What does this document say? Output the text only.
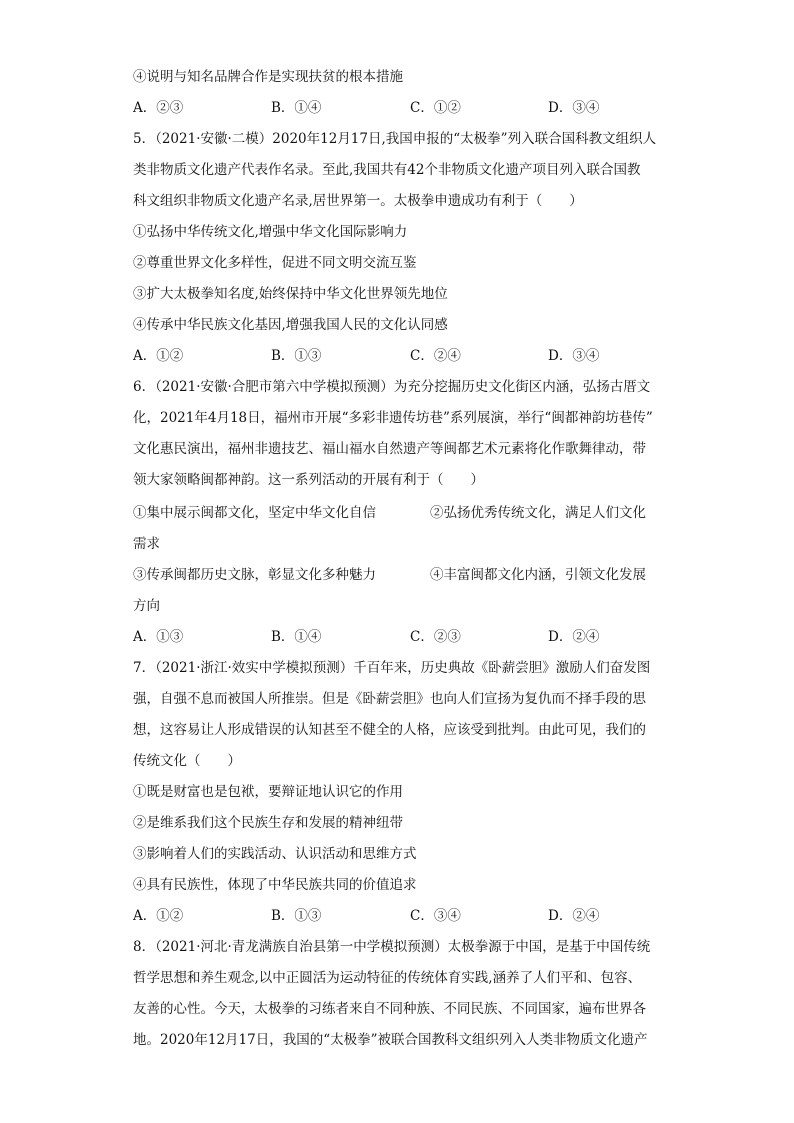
④说明与知名品牌合作是实现扶贫的根本措施
A．②③	B．①④	C．①②	D．③④
5．（2021·安徽·二模）2020年12月17日,我国申报的“太极拳”列入联合国科教文组织人
类非物质文化遗产代表作名录。至此,我国共有42个非物质文化遗产项目列入联合国教
科文组织非物质文化遗产名录,居世界第一。太极拳申遗成功有利于（　　）
①弘扬中华传统文化,增强中华文化国际影响力
②尊重世界文化多样性，促进不同文明交流互鉴
③扩大太极拳知名度,始终保持中华文化世界领先地位
④传承中华民族文化基因,增强我国人民的文化认同感
A．①②	B．①③	C．②④	D．③④
6．（2021·安徽·合肥市第六中学模拟预测）为充分挖掘历史文化街区内涵，弘扬古厝文
化，2021年4月18日，福州市开展“多彩非遗传坊巷”系列展演，举行“闽都神韵坊巷传”
文化惠民演出，福州非遗技艺、福山福水自然遗产等闽都艺术元素将化作歌舞律动，带
领大家领略闽都神韵。这一系列活动的开展有利于（　　）
①集中展示闽都文化，坚定中华文化自信	②弘扬优秀传统文化，满足人们文化
需求
③传承闽都历史文脉，彰显文化多种魅力	④丰富闽都文化内涵，引领文化发展
方向
A．①③	B．①④	C．②③	D．②④
7．（2021·浙江·效实中学模拟预测）千百年来，历史典故《卧薪尝胆》激励人们奋发图
强，自强不息而被国人所推崇。但是《卧薪尝胆》也向人们宣扬为复仇而不择手段的思
想，这容易让人形成错误的认知甚至不健全的人格，应该受到批判。由此可见，我们的
传统文化（　　）
①既是财富也是包袱，要辩证地认识它的作用
②是维系我们这个民族生存和发展的精神纽带
③影响着人们的实践活动、认识活动和思维方式
④具有民族性，体现了中华民族共同的价值追求
A．①②	B．①③	C．③④	D．②④
8．（2021·河北·青龙满族自治县第一中学模拟预测）太极拳源于中国，是基于中国传统
哲学思想和养生观念,以中正圆活为运动特征的传统体育实践,涵养了人们平和、包容、
友善的心性。今天，太极拳的习练者来自不同种族、不同民族、不同国家，遍布世界各
地。2020年12月17日，我国的“太极拳”被联合国教科文组织列入人类非物质文化遗产
